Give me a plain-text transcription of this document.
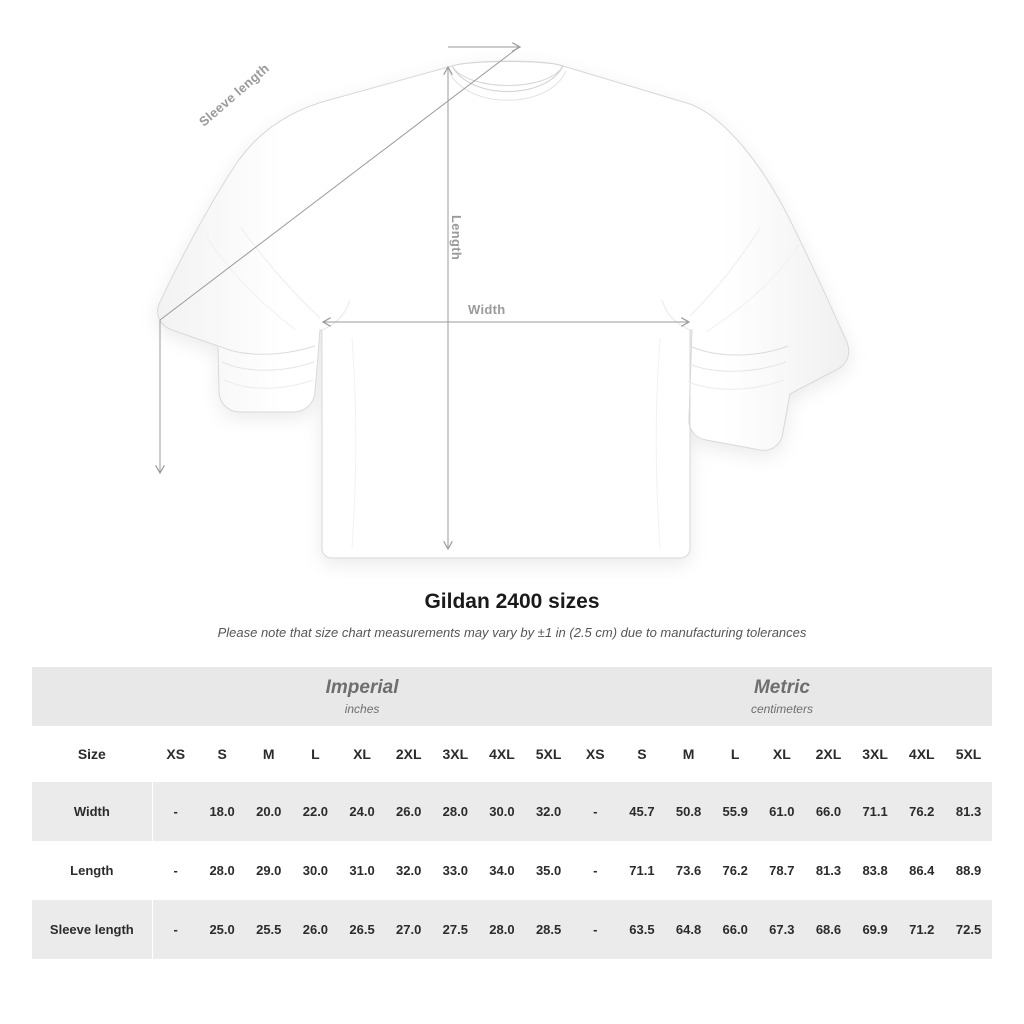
Sleeve length
Length
Width
Gildan 2400 sizes
Please note that size chart measurements may vary by ±1 in (2.5 cm) due to manufacturing tolerances

	Imperial
inches									Metric
centimeters								

Size	XS	S	M	L	XL	2XL	3XL	4XL	5XL	XS	S	M	L	XL	2XL	3XL	4XL	5XL
Width	-	18.0	20.0	22.0	24.0	26.0	28.0	30.0	32.0	-	45.7	50.8	55.9	61.0	66.0	71.1	76.2	81.3
Length	-	28.0	29.0	30.0	31.0	32.0	33.0	34.0	35.0	-	71.1	73.6	76.2	78.7	81.3	83.8	86.4	88.9
Sleeve length	-	25.0	25.5	26.0	26.5	27.0	27.5	28.0	28.5	-	63.5	64.8	66.0	67.3	68.6	69.9	71.2	72.5
